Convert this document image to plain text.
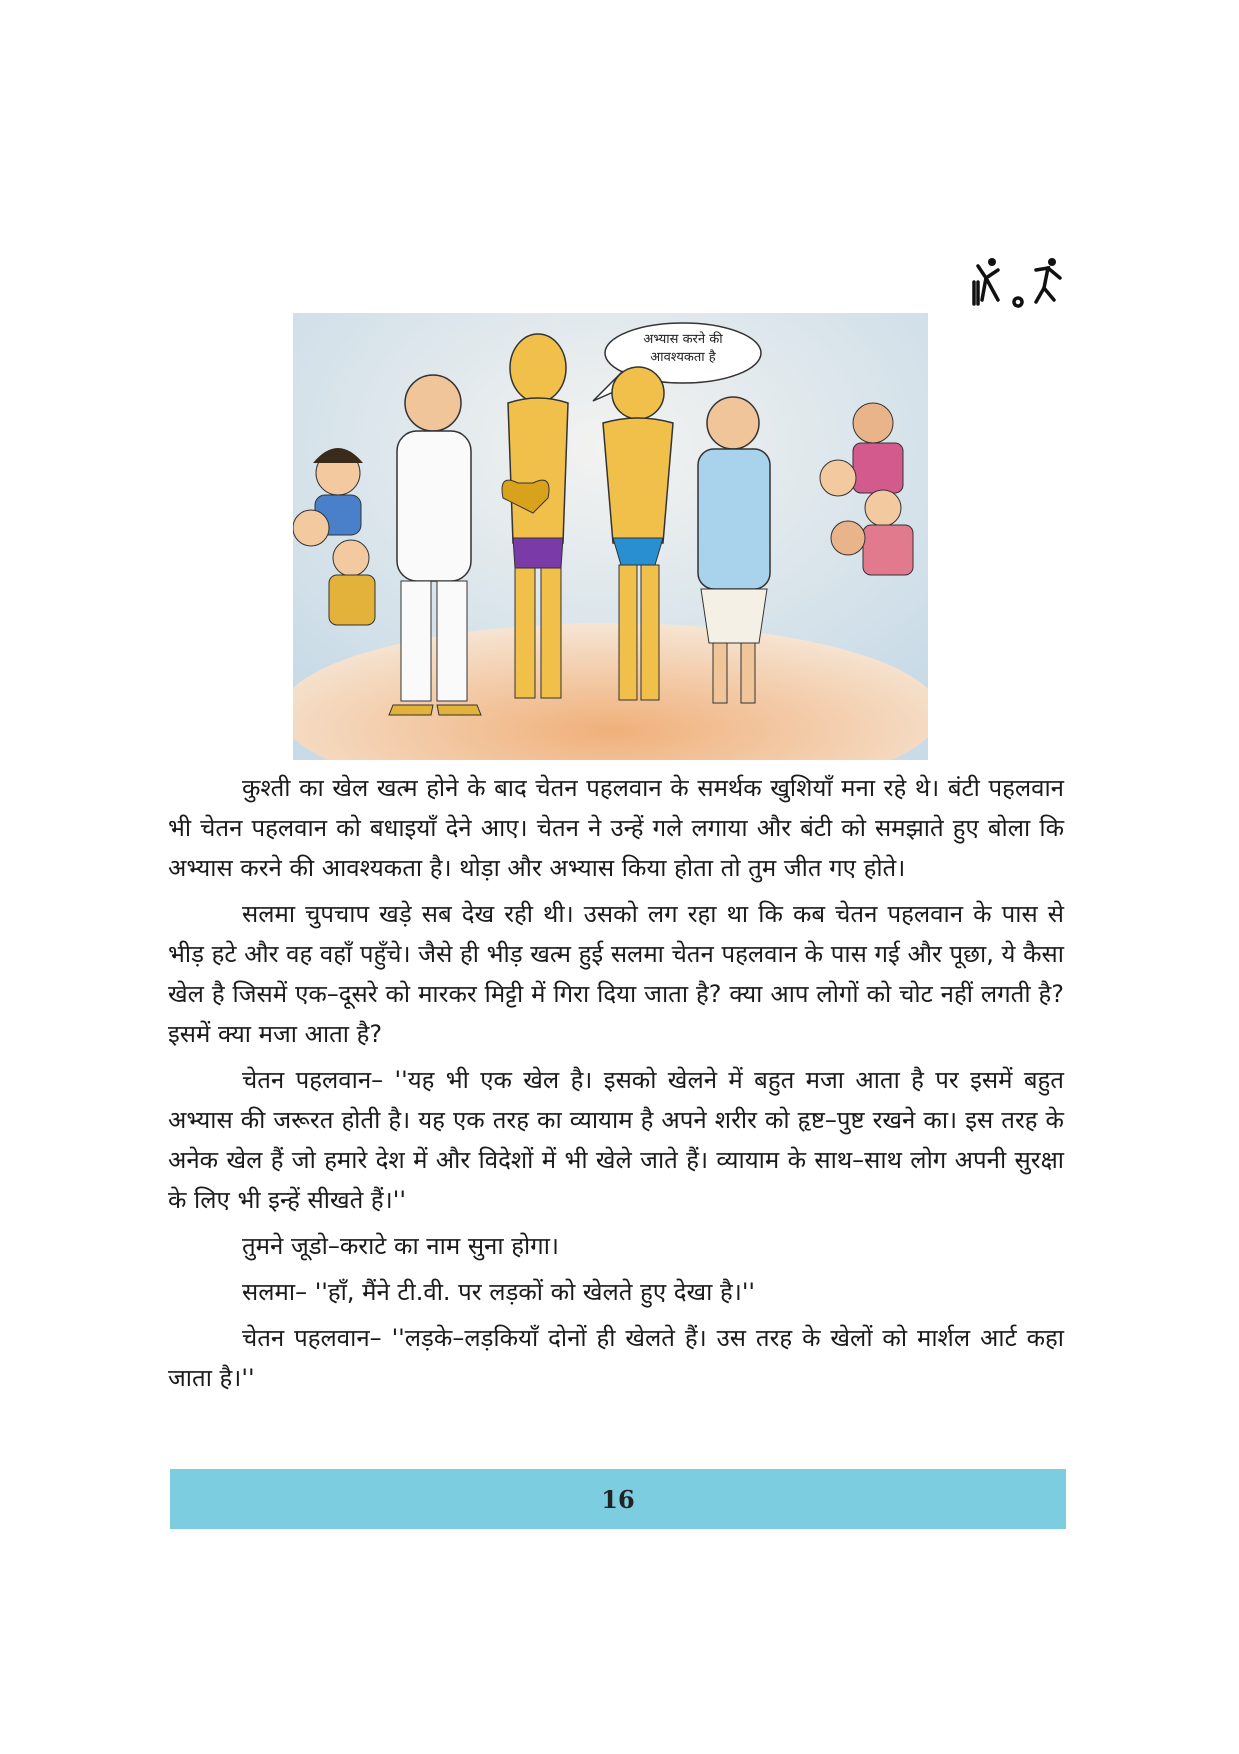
अभ्यास करने की
आवश्यकता है

कुश्ती का खेल खत्म होने के बाद चेतन पहलवान के समर्थक खुशियाँ मना रहे थे। बंटी पहलवान भी चेतन पहलवान को बधाइयाँ देने आए। चेतन ने उन्हें गले लगाया और बंटी को समझाते हुए बोला कि अभ्यास करने की आवश्यकता है। थोड़ा और अभ्यास किया होता तो तुम जीत गए होते।

सलमा चुपचाप खड़े सब देख रही थी। उसको लग रहा था कि कब चेतन पहलवान के पास से भीड़ हटे और वह वहाँ पहुँचे। जैसे ही भीड़ खत्म हुई सलमा चेतन पहलवान के पास गई और पूछा, ये कैसा खेल है जिसमें एक–दूसरे को मारकर मिट्टी में गिरा दिया जाता है? क्या आप लोगों को चोट नहीं लगती है? इसमें क्या मजा आता है?

चेतन पहलवान– ''यह भी एक खेल है। इसको खेलने में बहुत मजा आता है पर इसमें बहुत अभ्यास की जरूरत होती है। यह एक तरह का व्यायाम है अपने शरीर को हृष्ट–पुष्ट रखने का। इस तरह के अनेक खेल हैं जो हमारे देश में और विदेशों में भी खेले जाते हैं। व्यायाम के साथ–साथ लोग अपनी सुरक्षा के लिए भी इन्हें सीखते हैं।''

तुमने जूडो–कराटे का नाम सुना होगा।

सलमा– ''हाँ, मैंने टी.वी. पर लड़कों को खेलते हुए देखा है।''

चेतन पहलवान– ''लड़के–लड़कियाँ दोनों ही खेलते हैं। उस तरह के खेलों को मार्शल आर्ट कहा जाता है।''

16
